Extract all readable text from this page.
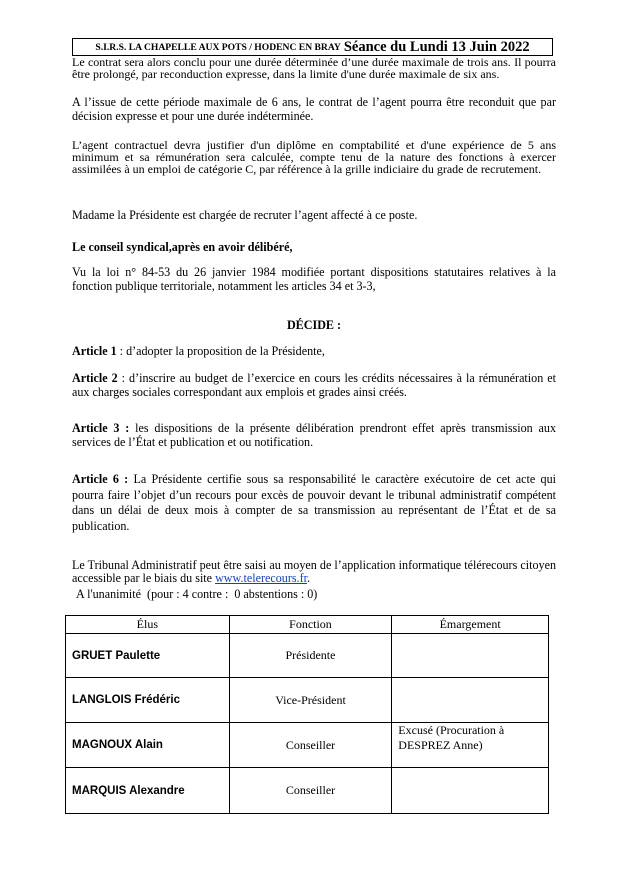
S.I.R.S. LA CHAPELLE AUX POTS / HODENC EN BRAY Séance du Lundi 13 Juin 2022
Le contrat sera alors conclu pour une durée déterminée d’une durée maximale de trois ans. Il pourra être prolongé, par reconduction expresse, dans la limite d'une durée maximale de six ans.
A l’issue de cette période maximale de 6 ans, le contrat de l’agent pourra être reconduit que par décision expresse et pour une durée indéterminée.
L’agent contractuel devra justifier d'un diplôme en comptabilité et d'une expérience de 5 ans minimum et sa rémunération sera calculée, compte tenu de la nature des fonctions à exercer assimilées à un emploi de catégorie C, par référence à la grille indiciaire du grade de recrutement.
Madame la Présidente est chargée de recruter l’agent affecté à ce poste.
Le conseil syndical,après en avoir délibéré,
Vu la loi n° 84-53 du 26 janvier 1984 modifiée portant dispositions statutaires relatives à la fonction publique territoriale, notamment les articles 34 et 3-3,
DÉCIDE :
Article 1 : d’adopter la proposition de la Présidente,
Article 2 : d’inscrire au budget de l’exercice en cours les crédits nécessaires à la rémunération et aux charges sociales correspondant aux emplois et grades ainsi créés.
Article 3 : les dispositions de la présente délibération prendront effet après transmission aux services de l’État et publication et ou notification.
Article 6 : La Présidente certifie sous sa responsabilité le caractère exécutoire de cet acte qui pourra faire l’objet d’un recours pour excès de pouvoir devant le tribunal administratif compétent dans un délai de deux mois à compter de sa transmission au représentant de l’État et de sa publication.
Le Tribunal Administratif peut être saisi au moyen de l’application informatique télérecours citoyen accessible par le biais du site www.telerecours.fr.
A l'unanimité  (pour : 4 contre :  0 abstentions : 0)
Élus	Fonction	Émargement
GRUET Paulette	Présidente	
LANGLOIS Frédéric	Vice-Président	
MAGNOUX Alain	Conseiller	Excusé (Procuration à DESPREZ Anne)
MARQUIS Alexandre	Conseiller	
